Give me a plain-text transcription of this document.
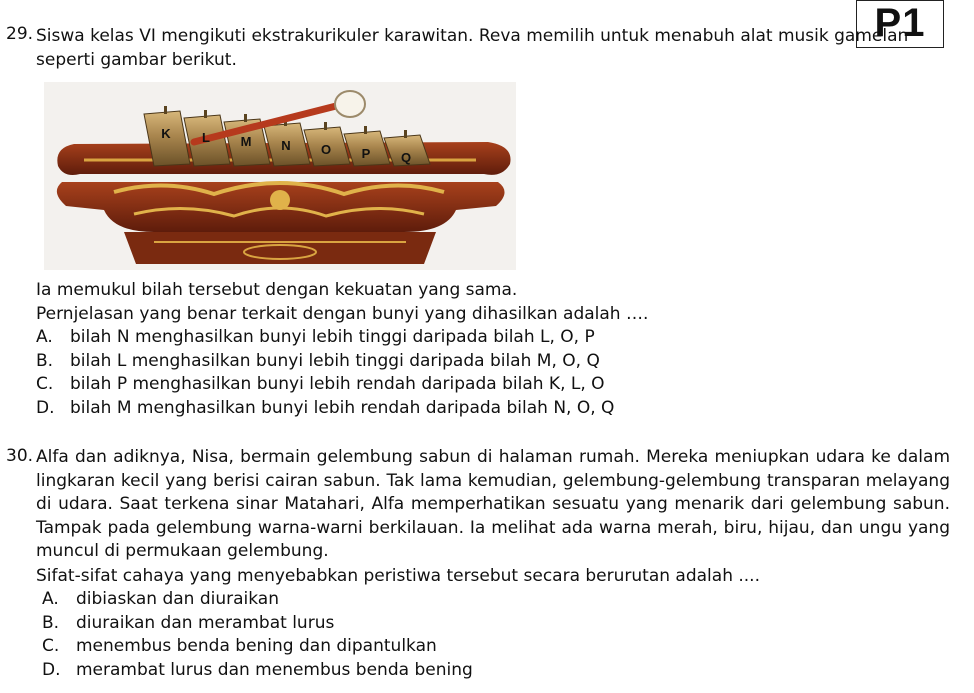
P1
29. Siswa kelas VI mengikuti ekstrakurikuler karawitan. Reva memilih untuk menabuh alat musik gamelan
seperti gambar berikut.
K L M N O P Q
Ia memukul bilah tersebut dengan kekuatan yang sama.
Pernjelasan yang benar terkait dengan bunyi yang dihasilkan adalah ….
A. bilah N menghasilkan bunyi lebih tinggi daripada bilah L, O, P
B. bilah L menghasilkan bunyi lebih tinggi daripada bilah M, O, Q
C. bilah P menghasilkan bunyi lebih rendah daripada bilah K, L, O
D. bilah M menghasilkan bunyi lebih rendah daripada bilah N, O, Q
30. Alfa dan adiknya, Nisa, bermain gelembung sabun di halaman rumah. Mereka meniupkan udara ke dalam lingkaran kecil yang berisi cairan sabun. Tak lama kemudian, gelembung-gelembung transparan melayang di udara. Saat terkena sinar Matahari, Alfa memperhatikan sesuatu yang menarik dari gelembung sabun. Tampak pada gelembung warna-warni berkilauan. Ia melihat ada warna merah, biru, hijau, dan ungu yang muncul di permukaan gelembung.
Sifat-sifat cahaya yang menyebabkan peristiwa tersebut secara berurutan adalah ....
A. dibiaskan dan diuraikan
B. diuraikan dan merambat lurus
C. menembus benda bening dan dipantulkan
D. merambat lurus dan menembus benda bening
